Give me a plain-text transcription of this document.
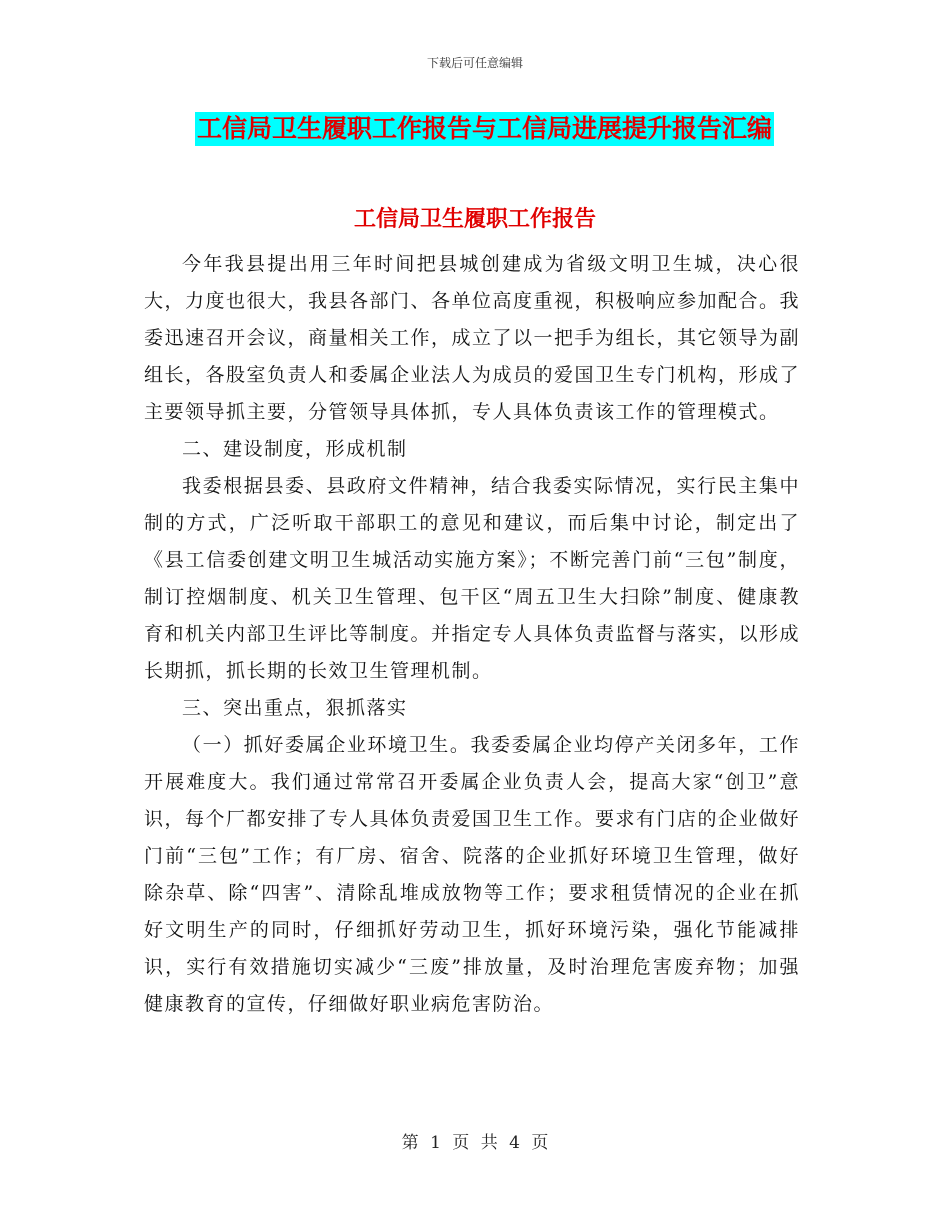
下载后可任意编辑
工信局卫生履职工作报告与工信局进展提升报告汇编
工信局卫生履职工作报告

今年我县提出用三年时间把县城创建成为省级文明卫生城，决心很大，力度也很大，我县各部门、各单位高度重视，积极响应参加配合。我委迅速召开会议，商量相关工作，成立了以一把手为组长，其它领导为副组长，各股室负责人和委属企业法人为成员的爱国卫生专门机构，形成了主要领导抓主要，分管领导具体抓，专人具体负责该工作的管理模式。

二、建设制度，形成机制

我委根据县委、县政府文件精神，结合我委实际情况，实行民主集中制的方式，广泛听取干部职工的意见和建议，而后集中讨论，制定出了《县工信委创建文明卫生城活动实施方案》；不断完善门前“三包”制度，制订控烟制度、机关卫生管理、包干区“周五卫生大扫除”制度、健康教育和机关内部卫生评比等制度。并指定专人具体负责监督与落实，以形成长期抓，抓长期的长效卫生管理机制。

三、突出重点，狠抓落实

（一）抓好委属企业环境卫生。我委委属企业均停产关闭多年，工作开展难度大。我们通过常常召开委属企业负责人会，提高大家“创卫”意识，每个厂都安排了专人具体负责爱国卫生工作。要求有门店的企业做好门前“三包”工作；有厂房、宿舍、院落的企业抓好环境卫生管理，做好除杂草、除“四害”、清除乱堆成放物等工作；要求租赁情况的企业在抓好文明生产的同时，仔细抓好劳动卫生，抓好环境污染，强化节能减排识，实行有效措施切实减少“三废”排放量，及时治理危害废弃物；加强健康教育的宣传，仔细做好职业病危害防治。

第 1 页 共 4 页
